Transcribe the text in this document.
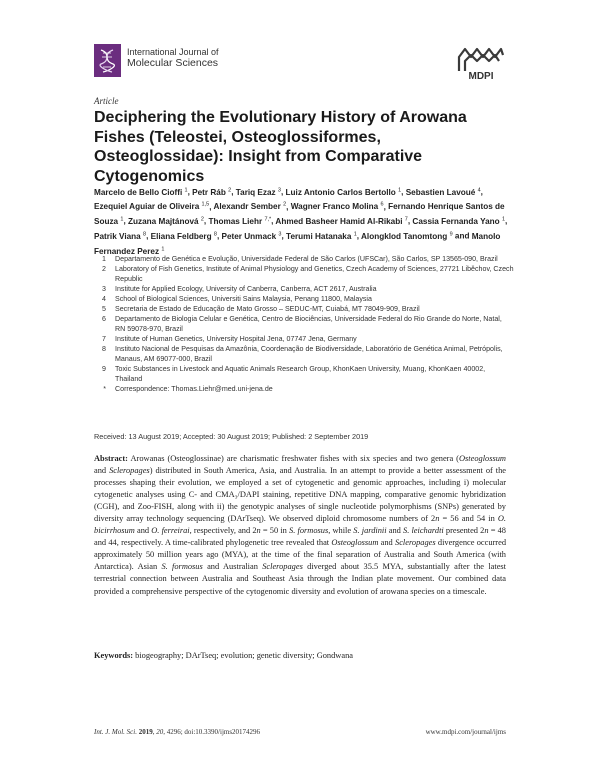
International Journal of
Molecular Sciences
MDPI
Article
Deciphering the Evolutionary History of Arowana Fishes (Teleostei, Osteoglossiformes, Osteoglossidae): Insight from Comparative Cytogenomics
Marcelo de Bello Cioffi $^1$, Petr Ráb $^2$, Tariq Ezaz $^3$, Luiz Antonio Carlos Bertollo $^1$, Sebastien Lavoué $^4$, Ezequiel Aguiar de Oliveira $^{1,5}$, Alexandr Sember $^2$, Wagner Franco Molina $^6$, Fernando Henrique Santos de Souza $^1$, Zuzana Majtánová $^2$, Thomas Liehr $^{7,*}$, Ahmed Basheer Hamid Al-Rikabi $^7$, Cassia Fernanda Yano $^1$, Patrik Viana $^8$, Eliana Feldberg $^8$, Peter Unmack $^3$, Terumi Hatanaka $^1$, Alongklod Tanomtong $^9$ and Manolo Fernandez Perez $^1$
1	Departamento de Genética e Evolução, Universidade Federal de São Carlos (UFSCar), São Carlos, SP 13565-090, Brazil
2	Laboratory of Fish Genetics, Institute of Animal Physiology and Genetics, Czech Academy of Sciences, 27721 Liběchov, Czech Republic
3	Institute for Applied Ecology, University of Canberra, Canberra, ACT 2617, Australia
4	School of Biological Sciences, Universiti Sains Malaysia, Penang 11800, Malaysia
5	Secretaria de Estado de Educação de Mato Grosso – SEDUC-MT, Cuiabá, MT 78049-909, Brazil
6	Departamento de Biologia Celular e Genética, Centro de Biociências, Universidade Federal do Rio Grande do Norte, Natal, RN 59078-970, Brazil
7	Institute of Human Genetics, University Hospital Jena, 07747 Jena, Germany
8	Instituto Nacional de Pesquisas da Amazônia, Coordenação de Biodiversidade, Laboratório de Genética Animal, Petrópolis, Manaus, AM 69077-000, Brazil
9	Toxic Substances in Livestock and Aquatic Animals Research Group, KhonKaen University, Muang, KhonKaen 40002, Thailand
*	Correspondence: Thomas.Liehr@med.uni-jena.de
Received: 13 August 2019; Accepted: 30 August 2019; Published: 2 September 2019

Abstract: Arowanas (Osteoglossinae) are charismatic freshwater fishes with six species and two genera (Osteoglossum and Scleropages) distributed in South America, Asia, and Australia. In an attempt to provide a better assessment of the processes shaping their evolution, we employed a set of cytogenetic and genomic approaches, including i) molecular cytogenetic analyses using C- and CMA₃/DAPI staining, repetitive DNA mapping, comparative genomic hybridization (CGH), and Zoo-FISH, along with ii) the genotypic analyses of single nucleotide polymorphisms (SNPs) generated by diversity array technology sequencing (DArTseq). We observed diploid chromosome numbers of 2n = 56 and 54 in O. bicirrhosum and O. ferreirai, respectively, and 2n = 50 in S. formosus, while S. jardinii and S. leichardti presented 2n = 48 and 44, respectively. A time-calibrated phylogenetic tree revealed that Osteoglossum and Scleropages divergence occurred approximately 50 million years ago (MYA), at the time of the final separation of Australia and South America (with Antarctica). Asian S. formosus and Australian Scleropages diverged about 35.5 MYA, substantially after the latest terrestrial connection between Australia and Southeast Asia through the Indian plate movement. Our combined data provided a comprehensive perspective of the cytogenomic diversity and evolution of arowana species on a timescale.

Keywords: biogeography; DArTseq; evolution; genetic diversity; Gondwana

Int. J. Mol. Sci. 2019, 20, 4296; doi:10.3390/ijms20174296	www.mdpi.com/journal/ijms
